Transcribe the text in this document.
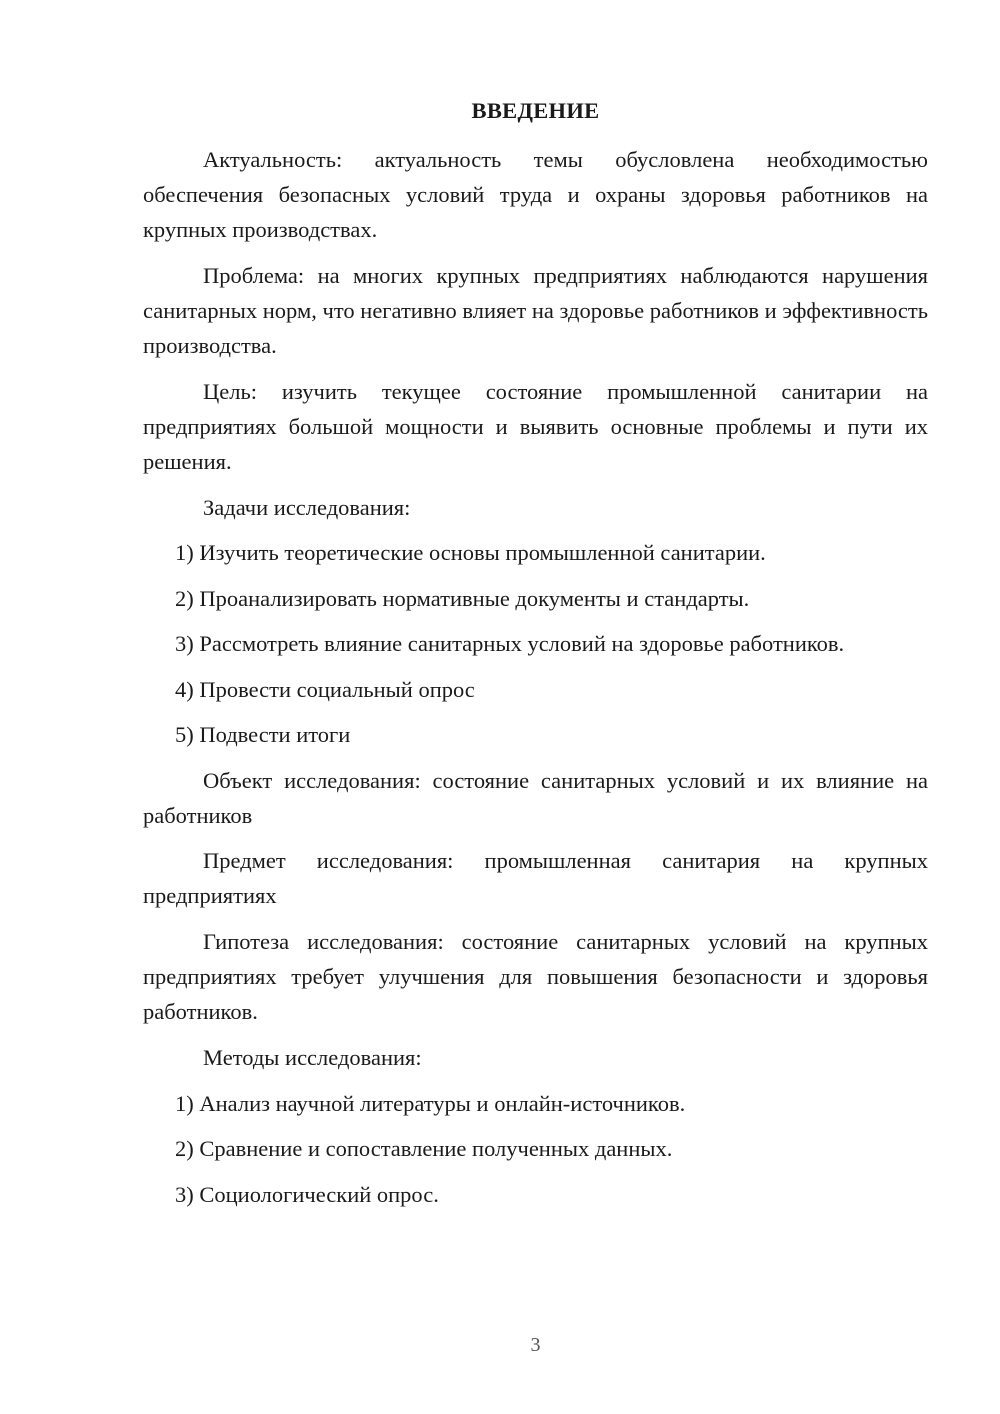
ВВЕДЕНИЕ

Актуальность: актуальность темы обусловлена необходимостью обеспечения безопасных условий труда и охраны здоровья работников на крупных производствах.

Проблема: на многих крупных предприятиях наблюдаются нарушения санитарных норм, что негативно влияет на здоровье работников и эффективность производства.

Цель: изучить текущее состояние промышленной санитарии на предприятиях большой мощности и выявить основные проблемы и пути их решения.

Задачи исследования:

1) Изучить теоретические основы промышленной санитарии.

2) Проанализировать нормативные документы и стандарты.

3) Рассмотреть влияние санитарных условий на здоровье работников.

4) Провести социальный опрос

5) Подвести итоги

Объект исследования: состояние санитарных условий и их влияние на работников

Предмет исследования: промышленная санитария на крупных предприятиях

Гипотеза исследования: состояние санитарных условий на крупных предприятиях требует улучшения для повышения безопасности и здоровья работников.

Методы исследования:

1) Анализ научной литературы и онлайн-источников.

2) Сравнение и сопоставление полученных данных.

3) Социологический опрос.

3
